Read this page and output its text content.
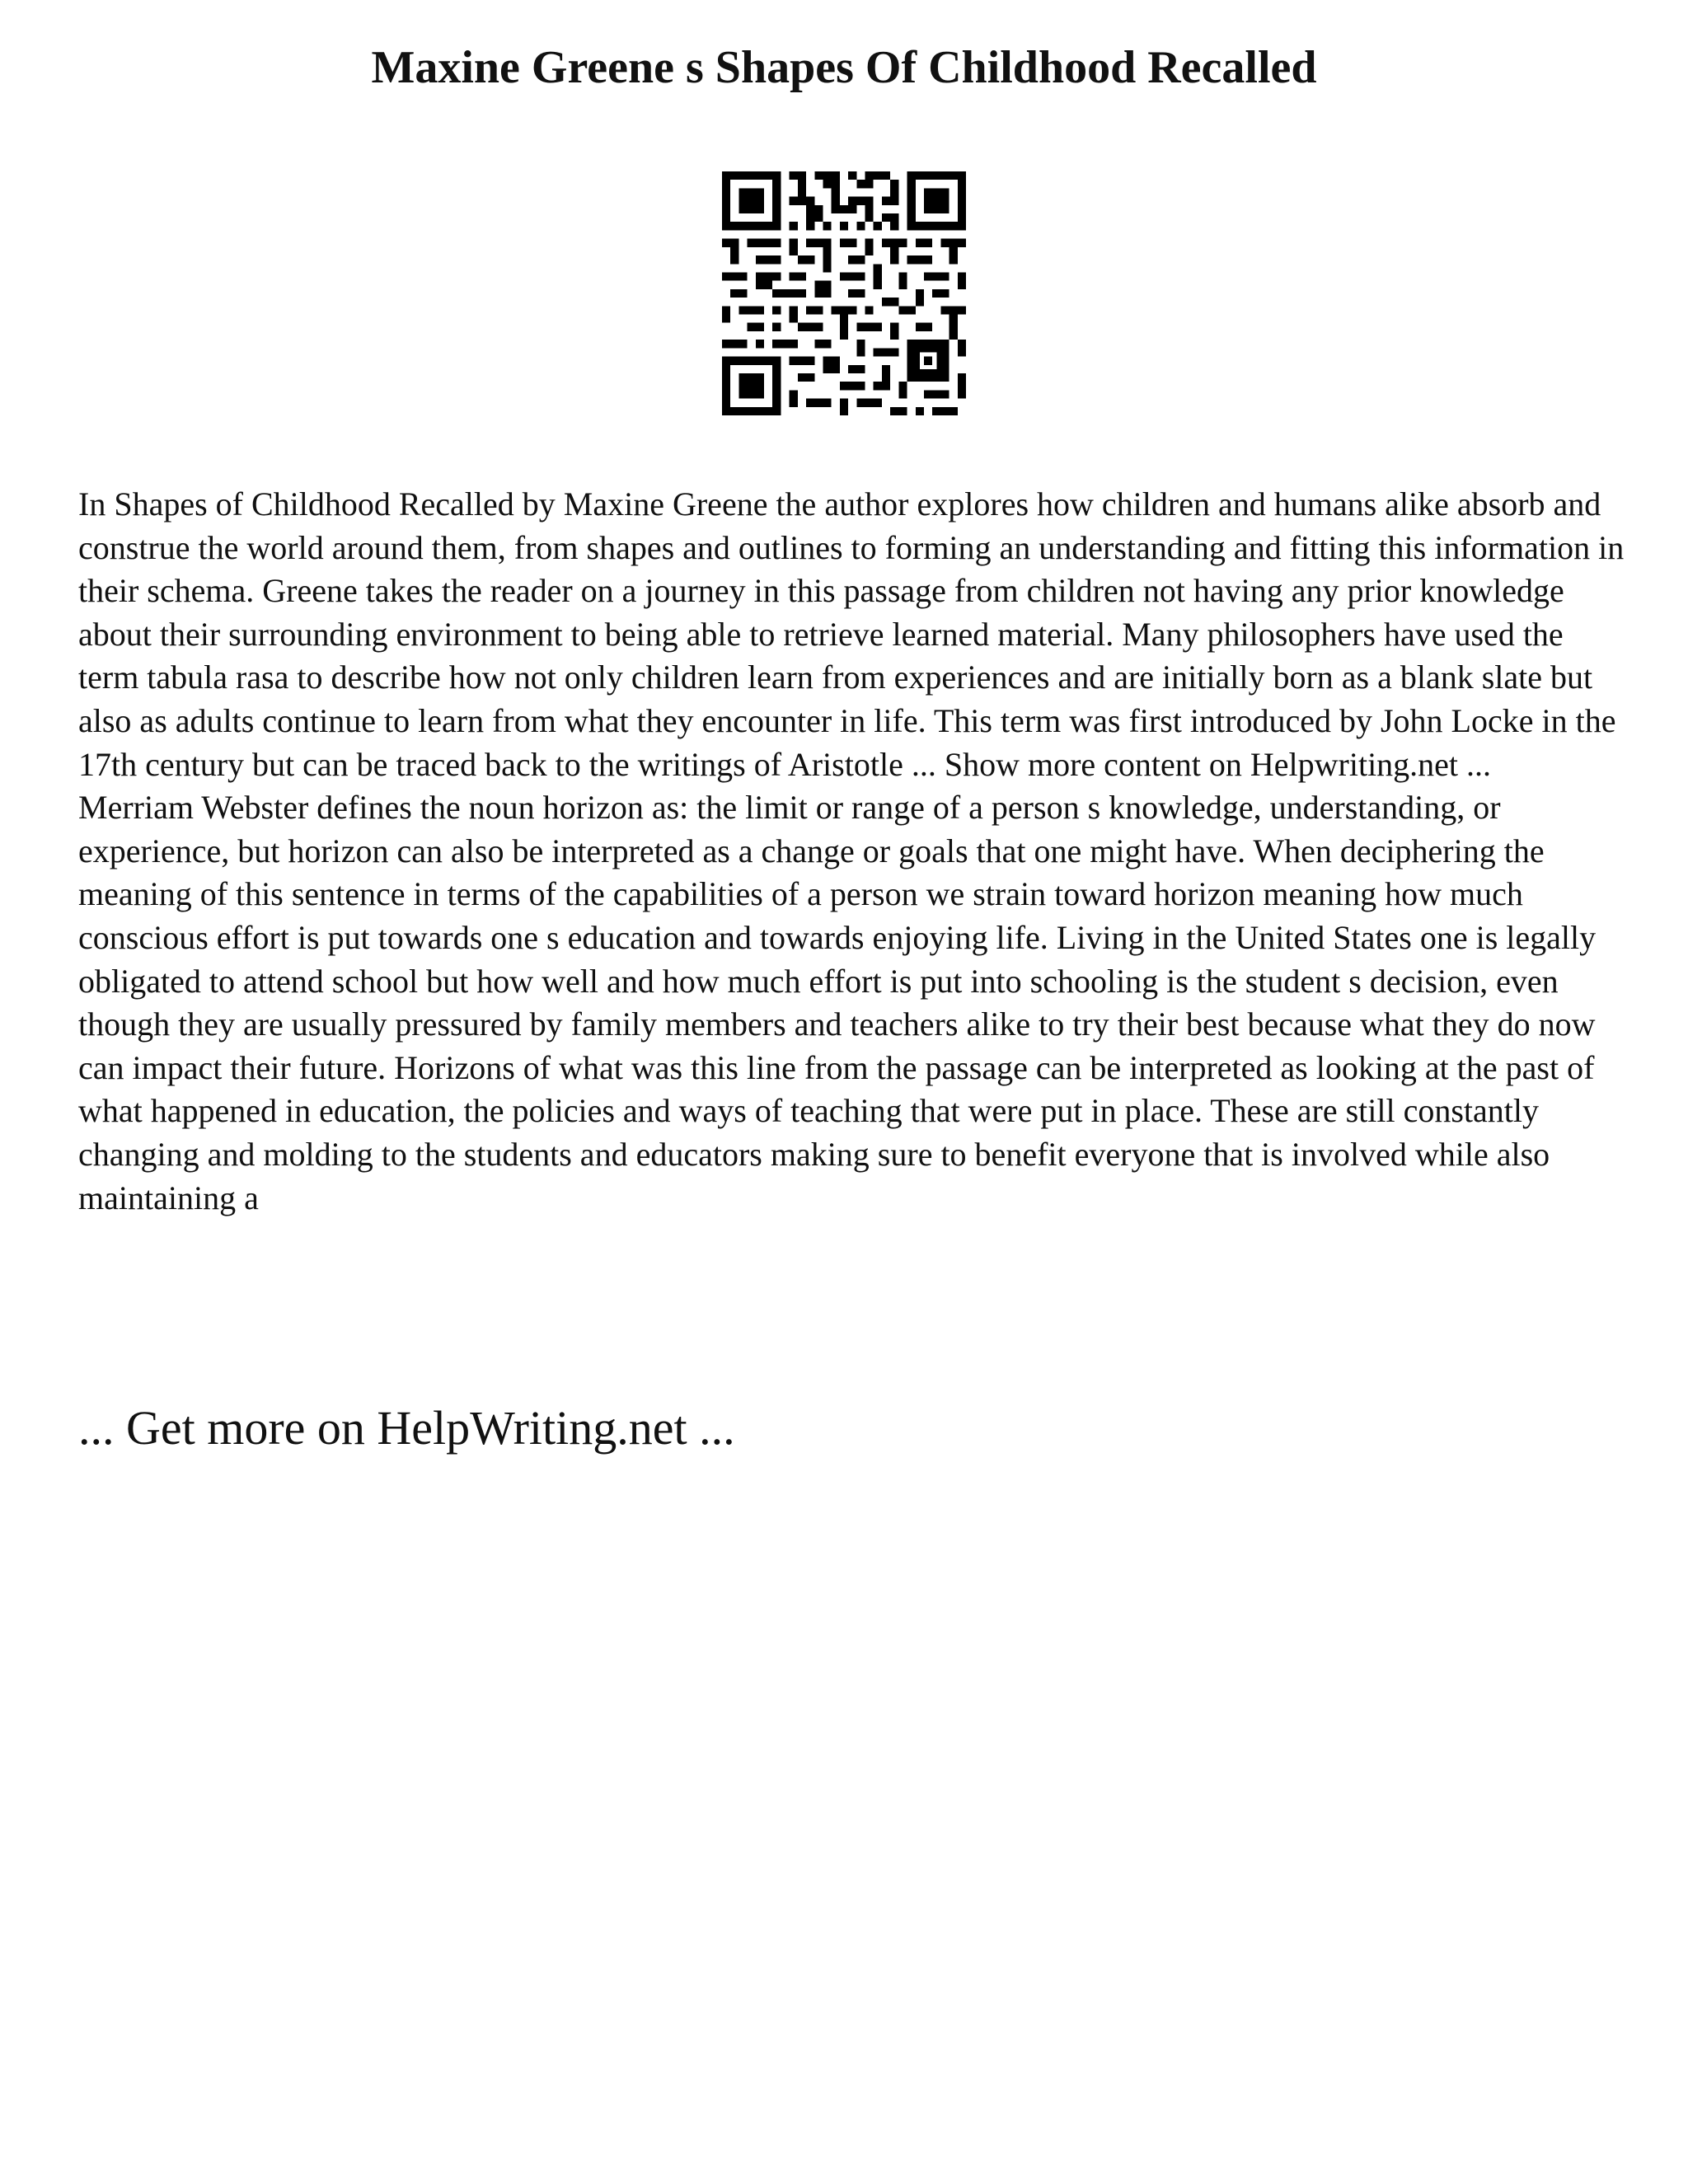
Maxine Greene s Shapes Of Childhood Recalled

In Shapes of Childhood Recalled by Maxine Greene the author explores how children and humans alike absorb and construe the world around them, from shapes and outlines to forming an understanding and fitting this information in their schema. Greene takes the reader on a journey in this passage from children not having any prior knowledge about their surrounding environment to being able to retrieve learned material. Many philosophers have used the term tabula rasa to describe how not only children learn from experiences and are initially born as a blank slate but also as adults continue to learn from what they encounter in life. This term was first introduced by John Locke in the 17th century but can be traced back to the writings of Aristotle ... Show more content on Helpwriting.net ...

Merriam Webster defines the noun horizon as: the limit or range of a person s knowledge, understanding, or experience, but horizon can also be interpreted as a change or goals that one might have. When deciphering the meaning of this sentence in terms of the capabilities of a person we strain toward horizon meaning how much conscious effort is put towards one s education and towards enjoying life. Living in the United States one is legally obligated to attend school but how well and how much effort is put into schooling is the student s decision, even though they are usually pressured by family members and teachers alike to try their best because what they do now can impact their future. Horizons of what was this line from the passage can be interpreted as looking at the past of what happened in education, the policies and ways of teaching that were put in place. These are still constantly changing and molding to the students and educators making sure to benefit everyone that is involved while also maintaining a

... Get more on HelpWriting.net ...
